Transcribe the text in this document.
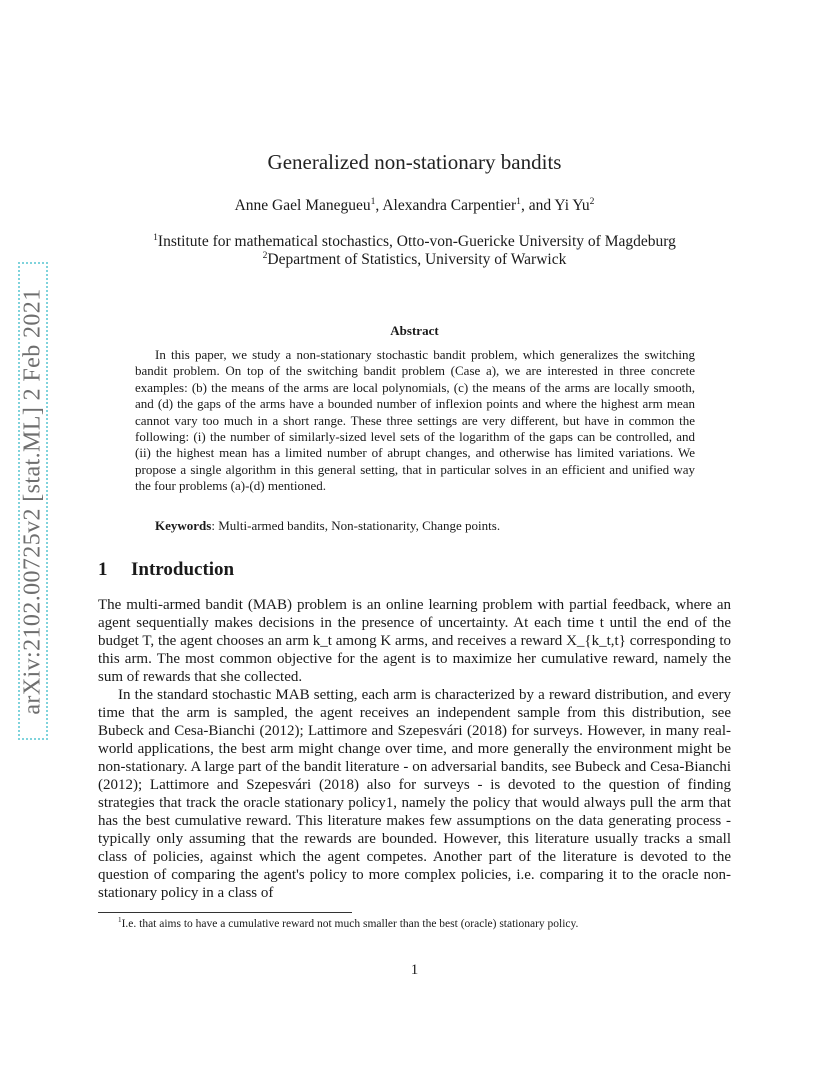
arXiv:2102.00725v2 [stat.ML] 2 Feb 2021
Generalized non-stationary bandits
Anne Gael Manegueu$^1$, Alexandra Carpentier$^1$, and Yi Yu$^2$
$^1$Institute for mathematical stochastics, Otto-von-Guericke University of Magdeburg
$^2$Department of Statistics, University of Warwick
Abstract

In this paper, we study a non-stationary stochastic bandit problem, which generalizes the switching bandit problem. On top of the switching bandit problem (Case a), we are interested in three concrete examples: (b) the means of the arms are local polynomials, (c) the means of the arms are locally smooth, and (d) the gaps of the arms have a bounded number of inflexion points and where the highest arm mean cannot vary too much in a short range. These three settings are very different, but have in common the following: (i) the number of similarly-sized level sets of the logarithm of the gaps can be controlled, and (ii) the highest mean has a limited number of abrupt changes, and otherwise has limited variations. We propose a single algorithm in this general setting, that in particular solves in an efficient and unified way the four problems (a)-(d) mentioned.

Keywords: Multi-armed bandits, Non-stationarity, Change points.
1 Introduction

The multi-armed bandit (MAB) problem is an online learning problem with partial feedback, where an agent sequentially makes decisions in the presence of uncertainty. At each time t until the end of the budget T, the agent chooses an arm k_t among K arms, and receives a reward X_{k_t,t} corresponding to this arm. The most common objective for the agent is to maximize her cumulative reward, namely the sum of rewards that she collected.

In the standard stochastic MAB setting, each arm is characterized by a reward distribution, and every time that the arm is sampled, the agent receives an independent sample from this distribution, see Bubeck and Cesa-Bianchi (2012); Lattimore and Szepesvári (2018) for surveys. However, in many real-world applications, the best arm might change over time, and more generally the environment might be non-stationary. A large part of the bandit literature - on adversarial bandits, see Bubeck and Cesa-Bianchi (2012); Lattimore and Szepesvári (2018) also for surveys - is devoted to the question of finding strategies that track the oracle stationary policy1, namely the policy that would always pull the arm that has the best cumulative reward. This literature makes few assumptions on the data generating process - typically only assuming that the rewards are bounded. However, this literature usually tracks a small class of policies, against which the agent competes. Another part of the literature is devoted to the question of comparing the agent's policy to more complex policies, i.e. comparing it to the oracle non-stationary policy in a class of

$^1$I.e. that aims to have a cumulative reward not much smaller than the best (oracle) stationary policy.
1
